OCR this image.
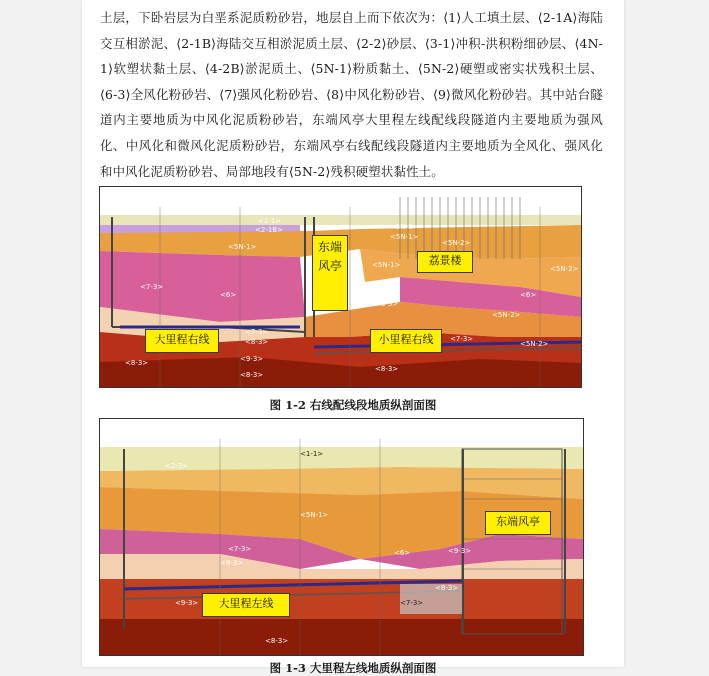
土层，下卧岩层为白垩系泥质粉砂岩，地层自上而下依次为：⟨1⟩人工填土层、⟨2-1A⟩海陆交互相淤泥、⟨2-1B⟩海陆交互相淤泥质土层、⟨2-2⟩砂层、⟨3-1⟩冲积-洪积粉细砂层、⟨4N-1⟩软塑状黏土层、⟨4-2B⟩淤泥质土、⟨5N-1⟩粉质黏土、⟨5N-2⟩硬塑或密实状残积土层、⟨6-3⟩全风化粉砂岩、⟨7⟩强风化粉砂岩、⟨8⟩中风化粉砂岩、⟨9⟩微风化粉砂岩。其中站台隧道内主要地质为中风化泥质粉砂岩，东端风亭大里程左线配线段隧道内主要地质为强风化、中风化和微风化泥质粉砂岩，东端风亭右线配线段隧道内主要地质为全风化、强风化和中风化泥质粉砂岩、局部地段有⟨5N-2⟩残积硬塑状黏性土。

<1-1>
<2-1B>
<5N-1>
<7-3>
<6>
<7-3>
<8-3>
<9-3>
<8-3>
<5N-1>
<5N-1>
<5N-1>
<5N-2>
<6>
<8-3>
<7-3>
<5N-2>
<5N-2>
<5N-2>
<8-3>
<8-3>
东端风亭	荔景楼
大里程右线	小里程右线
图 1-2 右线配线段地质纵剖面图
<1-1>
<2-3>
<5N-1>
<7-3>
<8-3>
<6>	<9-3>
<7-3>
<8-3>
<9-3>
<8-3>
东端风亭
大里程左线
图 1-3 大里程左线地质纵剖面图
